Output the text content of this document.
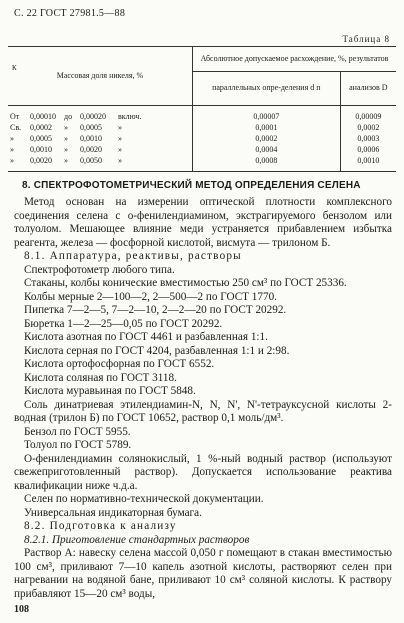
С. 22 ГОСТ 27981.5—88
Таблица 8
К
Массовая доля никеля, %	Абсолютное допускаемое расхождение, %, результатов	
	параллельных опре-деления d п	анализов D
От 0,00010 до 0,00020 включ.	0,00007	0,00009
Св. 0,0002 » 0,0005 »	0,0001	0,0002
» 0,0005 » 0,0010 »	0,0002	0,0003
» 0,0010 » 0,0020 »	0,0004	0,0006
» 0,0020 » 0,0050 »	0,0008	0,0010
8. СПЕКТРОФОТОМЕТРИЧЕСКИЙ МЕТОД ОПРЕДЕЛЕНИЯ СЕЛЕНА

Метод основан на измерении оптической плотности комплексного соединения селена с о-фенилендиамином, экстрагируемого бензолом или толуолом. Мешающее влияние меди устраняется прибавлением избытка реагента, железа — фосфорной кислотой, висмута — трилоном Б.

8.1. Аппаратура, реактивы, растворы

Спектрофотометр любого типа.

Стаканы, колбы конические вместимостью 250 см³ по ГОСТ 25336.

Колбы мерные 2—100—2, 2—500—2 по ГОСТ 1770.

Пипетка 7—2—5, 7—2—10, 2—2—20 по ГОСТ 20292.

Бюретка 1—2—25—0,05 по ГОСТ 20292.

Кислота азотная по ГОСТ 4461 и разбавленная 1:1.

Кислота серная по ГОСТ 4204, разбавленная 1:1 и 2:98.

Кислота ортофосфорная по ГОСТ 6552.

Кислота соляная по ГОСТ 3118.

Кислота муравьиная по ГОСТ 5848.

Соль динатриевая этилендиамин-N, N, N', N'-тетрауксусной кислоты 2-водная (трилон Б) по ГОСТ 10652, раствор 0,1 моль/дм³.

Бензол по ГОСТ 5955.

Толуол по ГОСТ 5789.

О-фенилендиамин солянокислый, 1 %-ный водный раствор (используют свежеприготовленный раствор). Допускается использование реактива квалификации ниже ч.д.а.

Селен по нормативно-технической документации.

Универсальная индикаторная бумага.

8.2. Подготовка к анализу

8.2.1. Приготовление стандартных растворов

Раствор А: навеску селена массой 0,050 г помещают в стакан вместимостью 100 см³, приливают 7—10 капель азотной кислоты, растворяют селен при нагревании на водяной бане, приливают 10 см³ соляной кислоты. К раствору прибавляют 15—20 см³ воды,

108
